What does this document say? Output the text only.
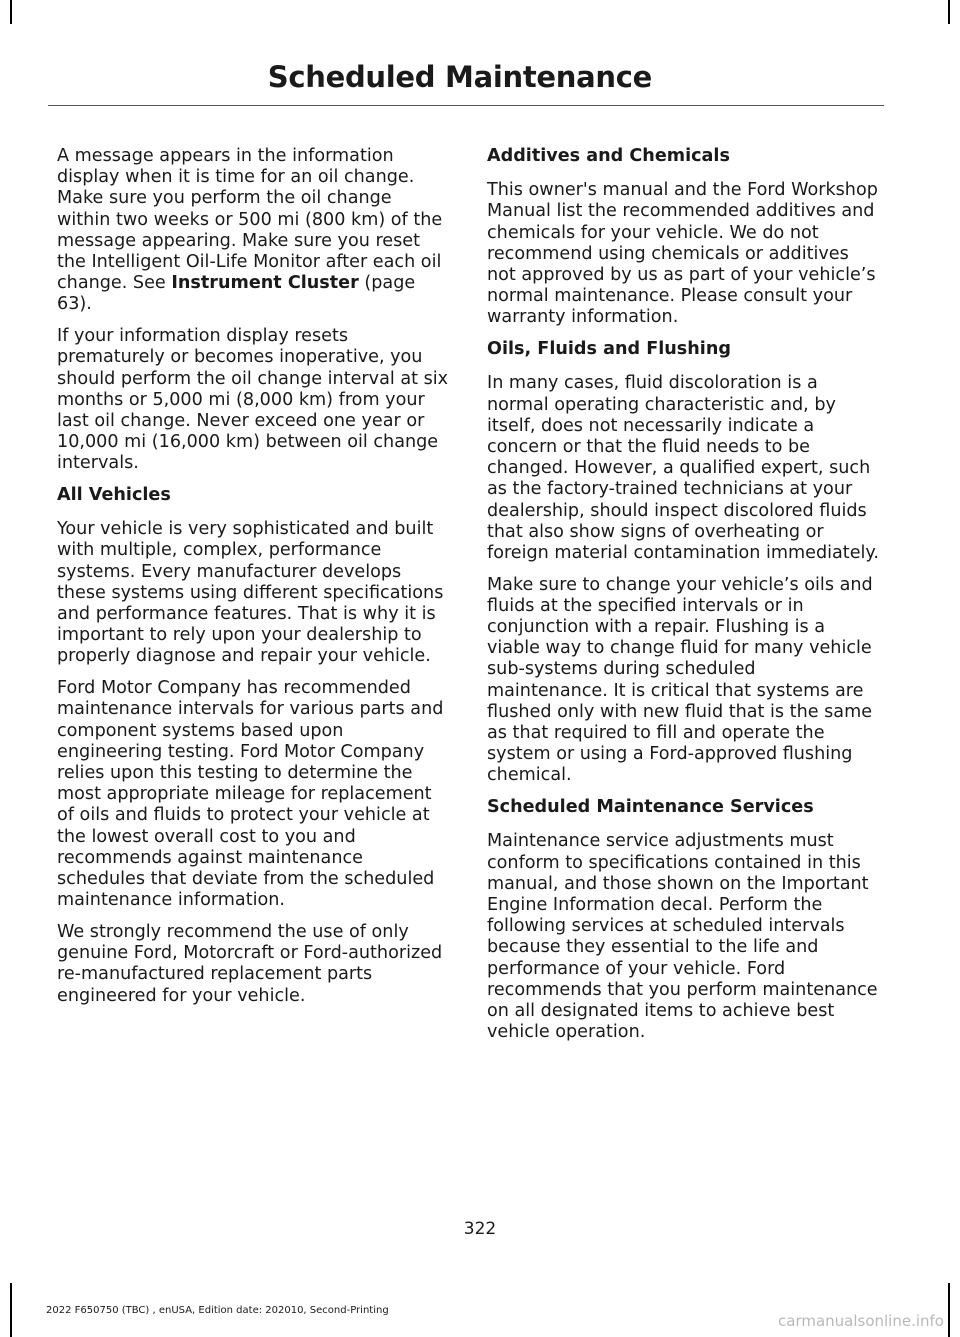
Scheduled Maintenance

A message appears in the information display when it is time for an oil change. Make sure you perform the oil change within two weeks or 500 mi (800 km) of the message appearing. Make sure you reset the Intelligent Oil-Life Monitor after each oil change. See Instrument Cluster (page 63).

If your information display resets prematurely or becomes inoperative, you should perform the oil change interval at six months or 5,000 mi (8,000 km) from your last oil change. Never exceed one year or 10,000 mi (16,000 km) between oil change intervals.

All Vehicles

Your vehicle is very sophisticated and built with multiple, complex, performance systems. Every manufacturer develops these systems using different specifications and performance features. That is why it is important to rely upon your dealership to properly diagnose and repair your vehicle.

Ford Motor Company has recommended maintenance intervals for various parts and component systems based upon engineering testing. Ford Motor Company relies upon this testing to determine the most appropriate mileage for replacement of oils and fluids to protect your vehicle at the lowest overall cost to you and recommends against maintenance schedules that deviate from the scheduled maintenance information.

We strongly recommend the use of only genuine Ford, Motorcraft or Ford-authorized re-manufactured replacement parts engineered for your vehicle.

Additives and Chemicals

This owner's manual and the Ford Workshop Manual list the recommended additives and chemicals for your vehicle. We do not recommend using chemicals or additives not approved by us as part of your vehicle’s normal maintenance. Please consult your warranty information.

Oils, Fluids and Flushing

In many cases, fluid discoloration is a normal operating characteristic and, by itself, does not necessarily indicate a concern or that the fluid needs to be changed. However, a qualified expert, such as the factory-trained technicians at your dealership, should inspect discolored fluids that also show signs of overheating or foreign material contamination immediately.

Make sure to change your vehicle’s oils and fluids at the specified intervals or in conjunction with a repair. Flushing is a viable way to change fluid for many vehicle sub-systems during scheduled maintenance. It is critical that systems are flushed only with new fluid that is the same as that required to fill and operate the system or using a Ford-approved flushing chemical.

Scheduled Maintenance Services

Maintenance service adjustments must conform to specifications contained in this manual, and those shown on the Important Engine Information decal. Perform the following services at scheduled intervals because they essential to the life and performance of your vehicle. Ford recommends that you perform maintenance on all designated items to achieve best vehicle operation.

322
2022 F650750 (TBC) , enUSA, Edition date: 202010, Second-Printing
carmanualsonline.info
